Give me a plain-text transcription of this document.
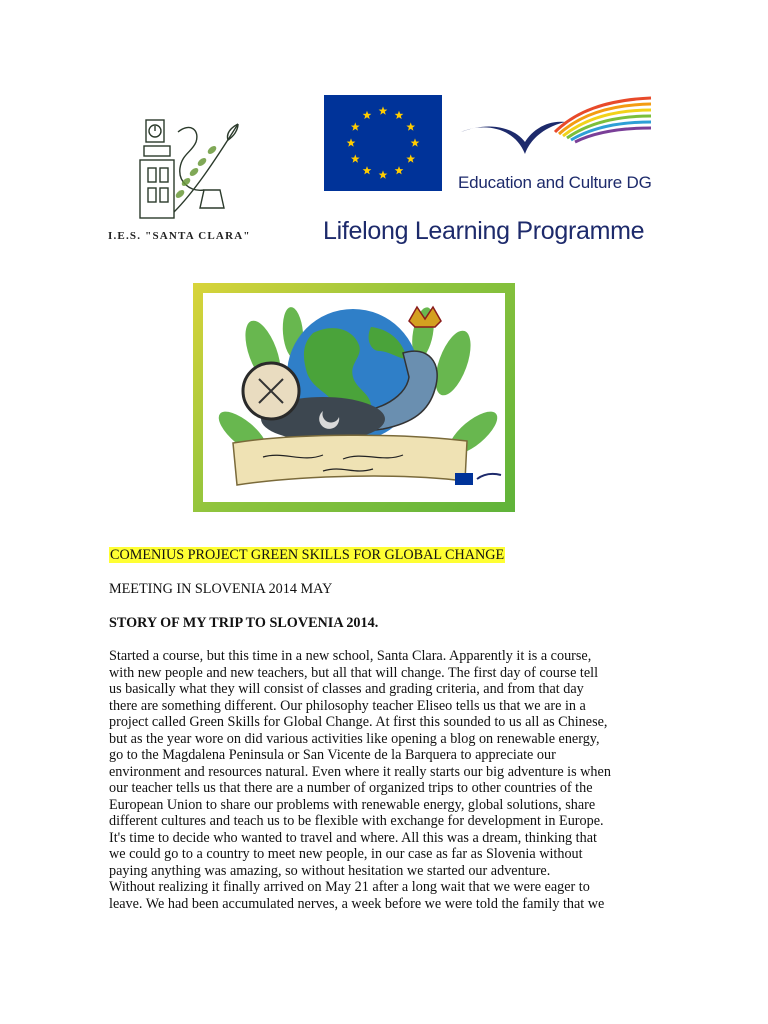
I.E.S. "SANTA CLARA"
Education and Culture DG
Lifelong Learning Programme
COMENIUS PROJECT GREEN SKILLS FOR GLOBAL CHANGE
MEETING IN SLOVENIA 2014 MAY
STORY OF MY TRIP TO SLOVENIA 2014.
Started a course, but this time in a new school, Santa Clara. Apparently it is a course,
with new people and new teachers, but all that will change. The first day of course tell
us basically what they will consist of classes and grading criteria, and from that day
there are something different. Our philosophy teacher Eliseo tells us that we are in a
project called Green Skills for Global Change. At first this sounded to us all as Chinese,
but as the year wore on did various activities like opening a blog on renewable energy,
go to the Magdalena Peninsula or San Vicente de la Barquera to appreciate our
environment and resources natural. Even where it really starts our big adventure is when
our teacher tells us that there are a number of organized trips to other countries of the
European Union to share our problems with renewable energy, global solutions, share
different cultures and teach us to be flexible with exchange for development in Europe.
It's time to decide who wanted to travel and where. All this was a dream, thinking that
we could go to a country to meet new people, in our case as far as Slovenia without
paying anything was amazing, so without hesitation we started our adventure.
Without realizing it finally arrived on May 21 after a long wait that we were eager to
leave. We had been accumulated nerves, a week before we were told the family that we
